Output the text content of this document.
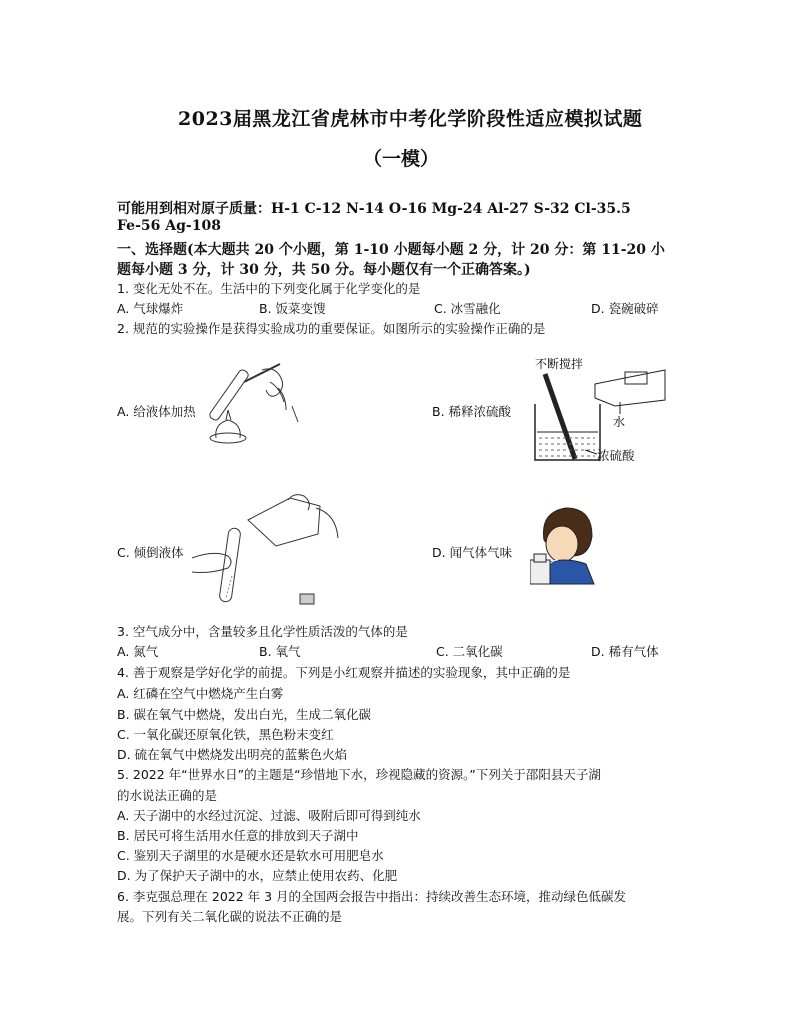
2023届黑龙江省虎林市中考化学阶段性适应模拟试题
（一模）
可能用到相对原子质量：H-1 C-12 N-14 O-16 Mg-24 Al-27 S-32 Cl-35.5
Fe-56 Ag-108
一、选择题(本大题共 20 个小题，第 1-10 小题每小题 2 分，计 20 分：第 11-20 小
题每小题 3 分，计 30 分，共 50 分。每小题仅有一个正确答案。)
1. 变化无处不在。生活中的下列变化属于化学变化的是
A. 气球爆炸	B. 饭菜变馊	C. 冰雪融化	D. 瓷碗破碎
2. 规范的实验操作是获得实验成功的重要保证。如图所示的实验操作正确的是
A. 给液体加热	B. 稀释浓硫酸
不断搅拌
水
浓硫酸
C. 倾倒液体	D. 闻气体气味
3. 空气成分中，含量较多且化学性质活泼的气体的是
A. 氮气	B. 氧气	C. 二氧化碳	D. 稀有气体
4. 善于观察是学好化学的前提。下列是小红观察并描述的实验现象，其中正确的是
A. 红磷在空气中燃烧产生白雾
B. 碳在氧气中燃烧，发出白光，生成二氧化碳
C. 一氧化碳还原氧化铁，黑色粉末变红
D. 硫在氧气中燃烧发出明亮的蓝紫色火焰
5. 2022 年“世界水日”的主题是“珍惜地下水，珍视隐藏的资源。”下列关于邵阳县天子湖
的水说法正确的是
A. 天子湖中的水经过沉淀、过滤、吸附后即可得到纯水
B. 居民可将生活用水任意的排放到天子湖中
C. 鉴别天子湖里的水是硬水还是软水可用肥皂水
D. 为了保护天子湖中的水，应禁止使用农药、化肥
6. 李克强总理在 2022 年 3 月的全国两会报告中指出：持续改善生态环境，推动绿色低碳发
展。下列有关二氧化碳的说法不正确的是
